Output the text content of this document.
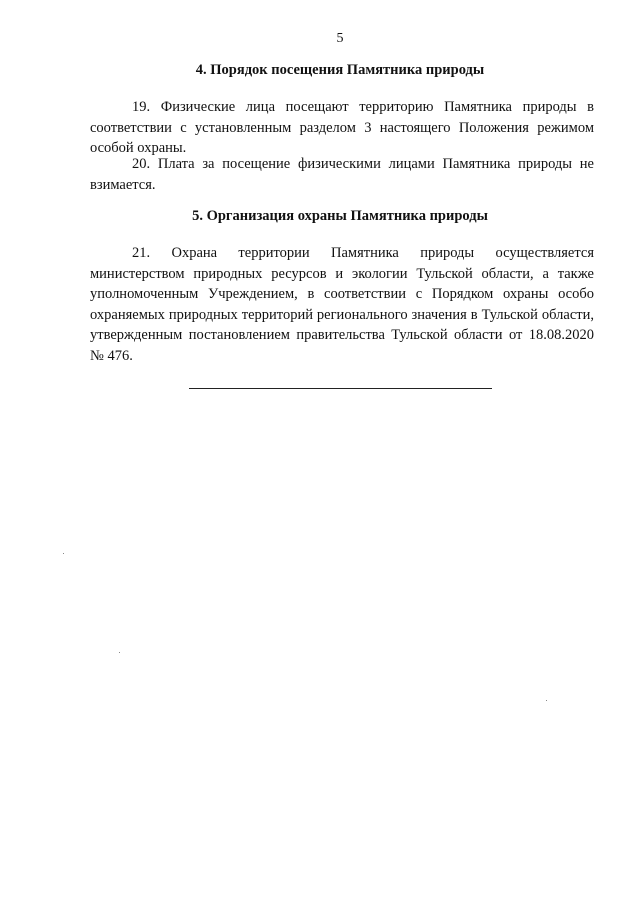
5
4. Порядок посещения Памятника природы

19. Физические лица посещают территорию Памятника природы в соответствии с установленным разделом 3 настоящего Положения режимом особой охраны.

20. Плата за посещение физическими лицами Памятника природы не взимается.

5. Организация охраны Памятника природы

21. Охрана территории Памятника природы осуществляется министерством природных ресурсов и экологии Тульской области, а также уполномоченным Учреждением, в соответствии с Порядком охраны особо охраняемых природных территорий регионального значения в Тульской области, утвержденным постановлением правительства Тульской области от 18.08.2020 № 476.
